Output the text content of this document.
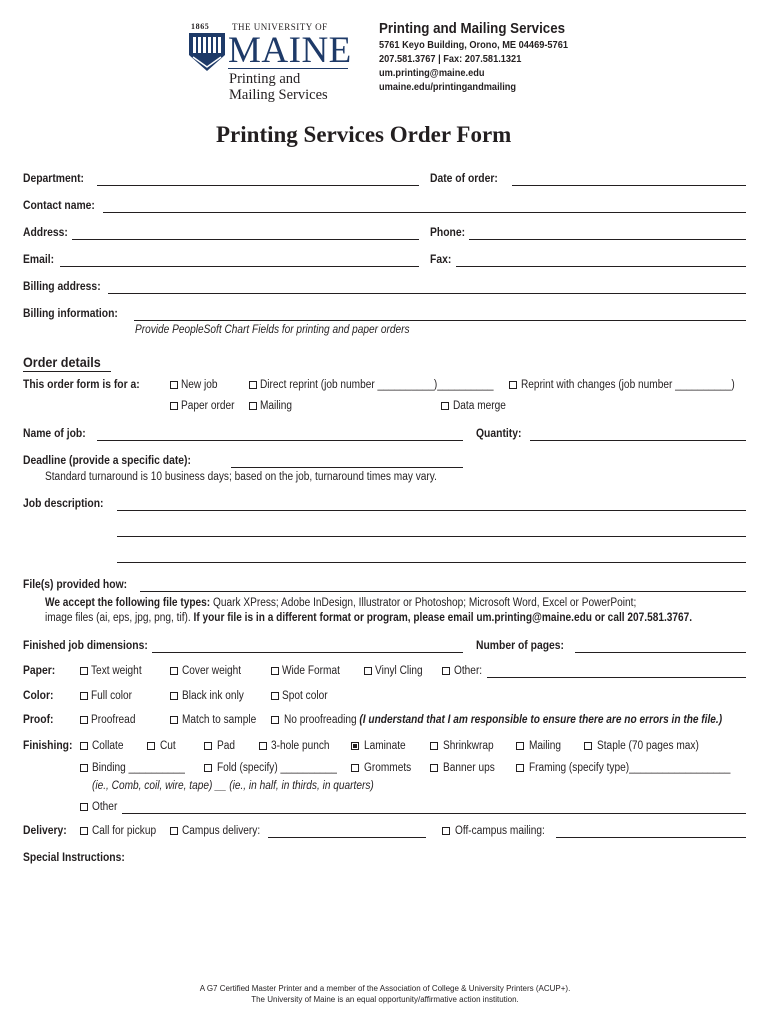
1865	THE UNIVERSITY OF
MAINE
Printing and
Mailing Services
Printing and Mailing Services
5761 Keyo Building, Orono, ME 04469-5761
207.581.3767 | Fax: 207.581.1321
um.printing@maine.edu
umaine.edu/printingandmailing
Printing Services Order Form
Department:	Date of order:
Contact name:
Address:	Phone:
Email:	Fax:
Billing address:
Billing information:
Provide PeopleSoft Chart Fields for printing and paper orders
Order details
This order form is for a:	New job	Direct reprint (job number __________)__________ Reprint with changes (job number __________)
Paper order Mailing	Data merge
Name of job:	Quantity:
Deadline (provide a specific date):
Standard turnaround is 10 business days; based on the job, turnaround times may vary.
Job description:
File(s) provided how:
We accept the following file types: Quark XPress; Adobe InDesign, Illustrator or Photoshop; Microsoft Word, Excel or PowerPoint;
image files (ai, eps, jpg, png, tif). If your file is in a different format or program, please email um.printing@maine.edu or call 207.581.3767.
Finished job dimensions:	Number of pages:
Paper:	Text weight	Cover weight	Wide Format	Vinyl Cling	Other:
Color:	Full color	Black ink only	Spot color
Proof:	Proofread	Match to sample No proofreading (I understand that I am responsible to ensure there are no errors in the file.)
Finishing: Collate	Cut	Pad	3-hole punch	Laminate	Shrinkwrap	Mailing	Staple (70 pages max)
Binding __________	Fold (specify) __________ Grommets	Banner ups	Framing (specify type)__________________
(ie., Comb, coil, wire, tape) __ (ie., in half, in thirds, in quarters)
Other
Delivery: Call for pickup Campus delivery:	Off-campus mailing:
Special Instructions:
A G7 Certified Master Printer and a member of the Association of College & University Printers (ACUP+).
The University of Maine is an equal opportunity/affirmative action institution.
